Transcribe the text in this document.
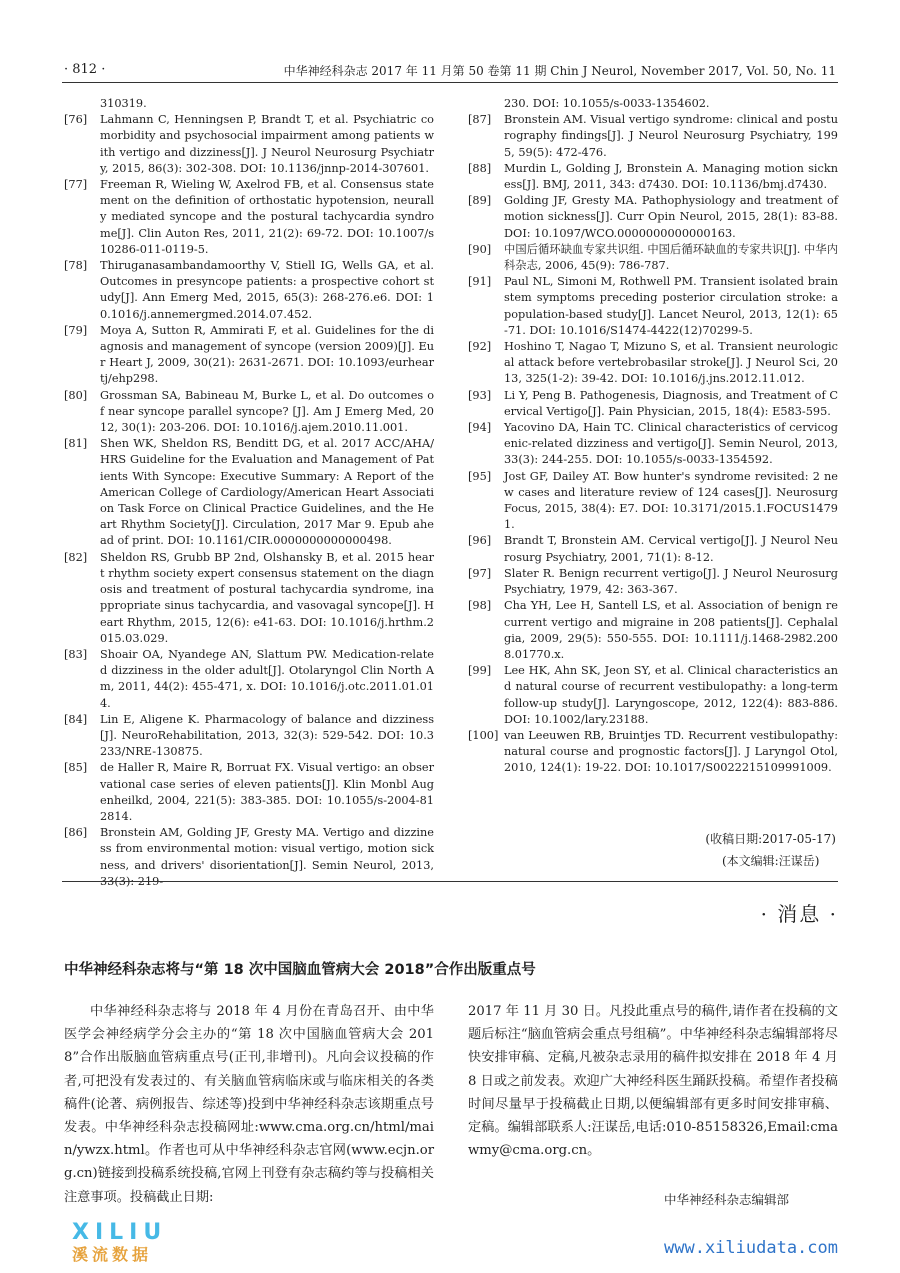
· 812 ·	中华神经科杂志 2017 年 11 月第 50 卷第 11 期 Chin J Neurol, November 2017, Vol. 50, No. 11
310319.
[76] Lahmann C, Henningsen P, Brandt T, et al. Psychiatric comorbidity and psychosocial impairment among patients with vertigo and dizziness[J]. J Neurol Neurosurg Psychiatry, 2015, 86(3): 302-308. DOI: 10.1136/jnnp-2014-307601.
[77] Freeman R, Wieling W, Axelrod FB, et al. Consensus statement on the definition of orthostatic hypotension, neurally mediated syncope and the postural tachycardia syndrome[J]. Clin Auton Res, 2011, 21(2): 69-72. DOI: 10.1007/s10286-011-0119-5.
[78] Thiruganasambandamoorthy V, Stiell IG, Wells GA, et al. Outcomes in presyncope patients: a prospective cohort study[J]. Ann Emerg Med, 2015, 65(3): 268-276.e6. DOI: 10.1016/j.annemergmed.2014.07.452.
[79] Moya A, Sutton R, Ammirati F, et al. Guidelines for the diagnosis and management of syncope (version 2009)[J]. Eur Heart J, 2009, 30(21): 2631-2671. DOI: 10.1093/eurheartj/ehp298.
[80] Grossman SA, Babineau M, Burke L, et al. Do outcomes of near syncope parallel syncope? [J]. Am J Emerg Med, 2012, 30(1): 203-206. DOI: 10.1016/j.ajem.2010.11.001.
[81] Shen WK, Sheldon RS, Benditt DG, et al. 2017 ACC/AHA/HRS Guideline for the Evaluation and Management of Patients With Syncope: Executive Summary: A Report of the American College of Cardiology/American Heart Association Task Force on Clinical Practice Guidelines, and the Heart Rhythm Society[J]. Circulation, 2017 Mar 9. Epub ahead of print. DOI: 10.1161/CIR.0000000000000498.
[82] Sheldon RS, Grubb BP 2nd, Olshansky B, et al. 2015 heart rhythm society expert consensus statement on the diagnosis and treatment of postural tachycardia syndrome, inappropriate sinus tachycardia, and vasovagal syncope[J]. Heart Rhythm, 2015, 12(6): e41-63. DOI: 10.1016/j.hrthm.2015.03.029.
[83] Shoair OA, Nyandege AN, Slattum PW. Medication-related dizziness in the older adult[J]. Otolaryngol Clin North Am, 2011, 44(2): 455-471, x. DOI: 10.1016/j.otc.2011.01.014.
[84] Lin E, Aligene K. Pharmacology of balance and dizziness[J]. NeuroRehabilitation, 2013, 32(3): 529-542. DOI: 10.3233/NRE-130875.
[85] de Haller R, Maire R, Borruat FX. Visual vertigo: an observational case series of eleven patients[J]. Klin Monbl Augenheilkd, 2004, 221(5): 383-385. DOI: 10.1055/s-2004-812814.
[86] Bronstein AM, Golding JF, Gresty MA. Vertigo and dizziness from environmental motion: visual vertigo, motion sickness, and drivers' disorientation[J]. Semin Neurol, 2013, 33(3): 219-
230. DOI: 10.1055/s-0033-1354602.
[87] Bronstein AM. Visual vertigo syndrome: clinical and posturography findings[J]. J Neurol Neurosurg Psychiatry, 1995, 59(5): 472-476.
[88] Murdin L, Golding J, Bronstein A. Managing motion sickness[J]. BMJ, 2011, 343: d7430. DOI: 10.1136/bmj.d7430.
[89] Golding JF, Gresty MA. Pathophysiology and treatment of motion sickness[J]. Curr Opin Neurol, 2015, 28(1): 83-88. DOI: 10.1097/WCO.0000000000000163.
[90] 中国后循环缺血专家共识组. 中国后循环缺血的专家共识[J]. 中华内科杂志, 2006, 45(9): 786-787.
[91] Paul NL, Simoni M, Rothwell PM. Transient isolated brainstem symptoms preceding posterior circulation stroke: a population-based study[J]. Lancet Neurol, 2013, 12(1): 65-71. DOI: 10.1016/S1474-4422(12)70299-5.
[92] Hoshino T, Nagao T, Mizuno S, et al. Transient neurological attack before vertebrobasilar stroke[J]. J Neurol Sci, 2013, 325(1-2): 39-42. DOI: 10.1016/j.jns.2012.11.012.
[93] Li Y, Peng B. Pathogenesis, Diagnosis, and Treatment of Cervical Vertigo[J]. Pain Physician, 2015, 18(4): E583-595.
[94] Yacovino DA, Hain TC. Clinical characteristics of cervicogenic-related dizziness and vertigo[J]. Semin Neurol, 2013, 33(3): 244-255. DOI: 10.1055/s-0033-1354592.
[95] Jost GF, Dailey AT. Bow hunter's syndrome revisited: 2 new cases and literature review of 124 cases[J]. Neurosurg Focus, 2015, 38(4): E7. DOI: 10.3171/2015.1.FOCUS14791.
[96] Brandt T, Bronstein AM. Cervical vertigo[J]. J Neurol Neurosurg Psychiatry, 2001, 71(1): 8-12.
[97] Slater R. Benign recurrent vertigo[J]. J Neurol Neurosurg Psychiatry, 1979, 42: 363-367.
[98] Cha YH, Lee H, Santell LS, et al. Association of benign recurrent vertigo and migraine in 208 patients[J]. Cephalalgia, 2009, 29(5): 550-555. DOI: 10.1111/j.1468-2982.2008.01770.x.
[99] Lee HK, Ahn SK, Jeon SY, et al. Clinical characteristics and natural course of recurrent vestibulopathy: a long-term follow-up study[J]. Laryngoscope, 2012, 122(4): 883-886. DOI: 10.1002/lary.23188.
[100] van Leeuwen RB, Bruintjes TD. Recurrent vestibulopathy: natural course and prognostic factors[J]. J Laryngol Otol, 2010, 124(1): 19-22. DOI: 10.1017/S0022215109991009.
(收稿日期:2017-05-17)
(本文编辑:汪谋岳)
· 消息 ·
中华神经科杂志将与“第 18 次中国脑血管病大会 2018”合作出版重点号
中华神经科杂志将与 2018 年 4 月份在青岛召开、由中华医学会神经病学分会主办的“第 18 次中国脑血管病大会 2018”合作出版脑血管病重点号(正刊,非增刊)。凡向会议投稿的作者,可把没有发表过的、有关脑血管病临床或与临床相关的各类稿件(论著、病例报告、综述等)投到中华神经科杂志该期重点号发表。中华神经科杂志投稿网址:www.cma.org.cn/html/main/ywzx.html。作者也可从中华神经科杂志官网(www.ecjn.org.cn)链接到投稿系统投稿,官网上刊登有杂志稿约等与投稿相关注意事项。投稿截止日期:
2017 年 11 月 30 日。凡投此重点号的稿件,请作者在投稿的文题后标注“脑血管病会重点号组稿”。中华神经科杂志编辑部将尽快安排审稿、定稿,凡被杂志录用的稿件拟安排在 2018 年 4 月 8 日或之前发表。欢迎广大神经科医生踊跃投稿。希望作者投稿时间尽量早于投稿截止日期,以便编辑部有更多时间安排审稿、定稿。编辑部联系人:汪谋岳,电话:010-85158326,Email:cmawmy@cma.org.cn。
中华神经科杂志编辑部
XILIU
溪流数据	www.xiliudata.com
